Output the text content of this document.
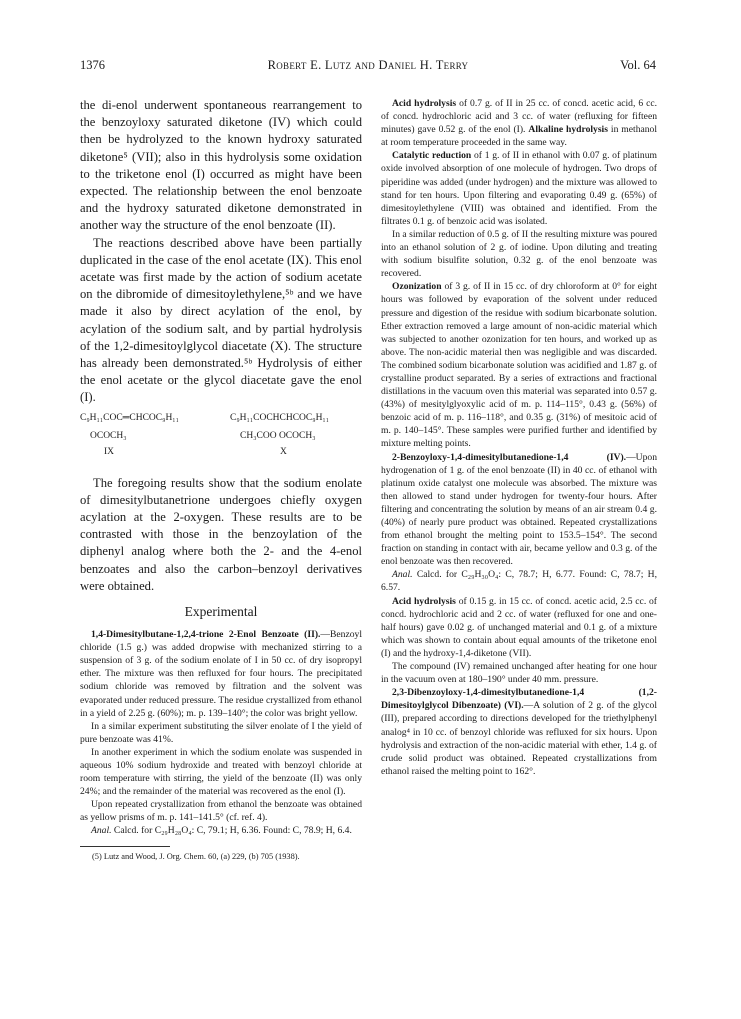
1376	Robert E. Lutz and Daniel H. Terry	Vol. 64

the di-enol underwent spontaneous rearrangement to the benzoyloxy saturated diketone (IV) which could then be hydrolyzed to the known hydroxy saturated diketone⁵ (VII); also in this hydrolysis some oxidation to the triketone enol (I) occurred as might have been expected. The relationship between the enol benzoate and the hydroxy saturated diketone demonstrated in another way the structure of the enol benzoate (II).

The reactions described above have been partially duplicated in the case of the enol acetate (IX). This enol acetate was first made by the action of sodium acetate on the dibromide of dimesitoylethylene,⁵ᵇ and we have made it also by direct acylation of the enol, by acylation of the sodium salt, and by partial hydrolysis of the 1,2-dimesitoylglycol diacetate (X). The structure has already been demonstrated.⁵ᵇ Hydrolysis of either the enol acetate or the glycol diacetate gave the enol (I).

C₉H₁₁COC═CHCOC₉H₁₁
OCOCH₃
IX
C₉H₁₁COCHCHCOC₉H₁₁
CH₃COO OCOCH₃
X

The foregoing results show that the sodium enolate of dimesitylbutanetrione undergoes chiefly oxygen acylation at the 2-oxygen. These results are to be contrasted with those in the benzoylation of the diphenyl analog where both the 2- and the 4-enol benzoates and also the carbon–benzoyl derivatives were obtained.

Experimental

1,4-Dimesitylbutane-1,2,4-trione 2-Enol Benzoate (II).—Benzoyl chloride (1.5 g.) was added dropwise with mechanized stirring to a suspension of 3 g. of the sodium enolate of I in 50 cc. of dry isopropyl ether. The mixture was then refluxed for four hours. The precipitated sodium chloride was removed by filtration and the solvent was evaporated under reduced pressure. The residue crystallized from ethanol in a yield of 2.25 g. (60%); m. p. 139–140°; the color was bright yellow.

In a similar experiment substituting the silver enolate of I the yield of pure benzoate was 41%.

In another experiment in which the sodium enolate was suspended in aqueous 10% sodium hydroxide and treated with benzoyl chloride at room temperature with stirring, the yield of the benzoate (II) was only 24%; and the remainder of the material was recovered as the enol (I).

Upon repeated crystallization from ethanol the benzoate was obtained as yellow prisms of m. p. 141–141.5° (cf. ref. 4).

Anal. Calcd. for C₂₉H₂₈O₄: C, 79.1; H, 6.36. Found: C, 78.9; H, 6.4.

(5) Lutz and Wood, J. Org. Chem. 60, (a) 229, (b) 705 (1938).

Acid hydrolysis of 0.7 g. of II in 25 cc. of concd. acetic acid, 6 cc. of concd. hydrochloric acid and 3 cc. of water (refluxing for fifteen minutes) gave 0.52 g. of the enol (I). Alkaline hydrolysis in methanol at room temperature proceeded in the same way.

Catalytic reduction of 1 g. of II in ethanol with 0.07 g. of platinum oxide involved absorption of one molecule of hydrogen. Two drops of piperidine was added (under hydrogen) and the mixture was allowed to stand for ten hours. Upon filtering and evaporating 0.49 g. (65%) of dimesitoylethylene (VIII) was obtained and identified. From the filtrates 0.1 g. of benzoic acid was isolated.

In a similar reduction of 0.5 g. of II the resulting mixture was poured into an ethanol solution of 2 g. of iodine. Upon diluting and treating with sodium bisulfite solution, 0.32 g. of the enol benzoate was recovered.

Ozonization of 3 g. of II in 15 cc. of dry chloroform at 0° for eight hours was followed by evaporation of the solvent under reduced pressure and digestion of the residue with sodium bicarbonate solution. Ether extraction removed a large amount of non-acidic material which was subjected to another ozonization for ten hours, and worked up as above. The non-acidic material then was negligible and was discarded. The combined sodium bicarbonate solution was acidified and 1.87 g. of crystalline product separated. By a series of extractions and fractional distillations in the vacuum oven this material was separated into 0.57 g. (43%) of mesitylglyoxylic acid of m. p. 114–115°, 0.43 g. (56%) of benzoic acid of m. p. 116–118°, and 0.35 g. (31%) of mesitoic acid of m. p. 140–145°. These samples were purified further and identified by mixture melting points.

2-Benzoyloxy-1,4-dimesitylbutanedione-1,4 (IV).—Upon hydrogenation of 1 g. of the enol benzoate (II) in 40 cc. of ethanol with platinum oxide catalyst one molecule was absorbed. The mixture was then allowed to stand under hydrogen for twenty-four hours. After filtering and concentrating the solution by means of an air stream 0.4 g. (40%) of nearly pure product was obtained. Repeated crystallizations from ethanol brought the melting point to 153.5–154°. The second fraction on standing in contact with air, became yellow and 0.3 g. of the enol benzoate was then recovered.

Anal. Calcd. for C₂₉H₃₀O₄: C, 78.7; H, 6.77. Found: C, 78.7; H, 6.57.

Acid hydrolysis of 0.15 g. in 15 cc. of concd. acetic acid, 2.5 cc. of concd. hydrochloric acid and 2 cc. of water (refluxed for one and one-half hours) gave 0.02 g. of unchanged material and 0.1 g. of a mixture which was shown to contain about equal amounts of the triketone enol (I) and the hydroxy-1,4-diketone (VII).

The compound (IV) remained unchanged after heating for one hour in the vacuum oven at 180–190° under 40 mm. pressure.

2,3-Dibenzoyloxy-1,4-dimesitylbutanedione-1,4 (1,2-Dimesitoylglycol Dibenzoate) (VI).—A solution of 2 g. of the glycol (III), prepared according to directions developed for the triethylphenyl analog⁴ in 10 cc. of benzoyl chloride was refluxed for six hours. Upon hydrolysis and extraction of the non-acidic material with ether, 1.4 g. of crude solid product was obtained. Repeated crystallizations from ethanol raised the melting point to 162°.
